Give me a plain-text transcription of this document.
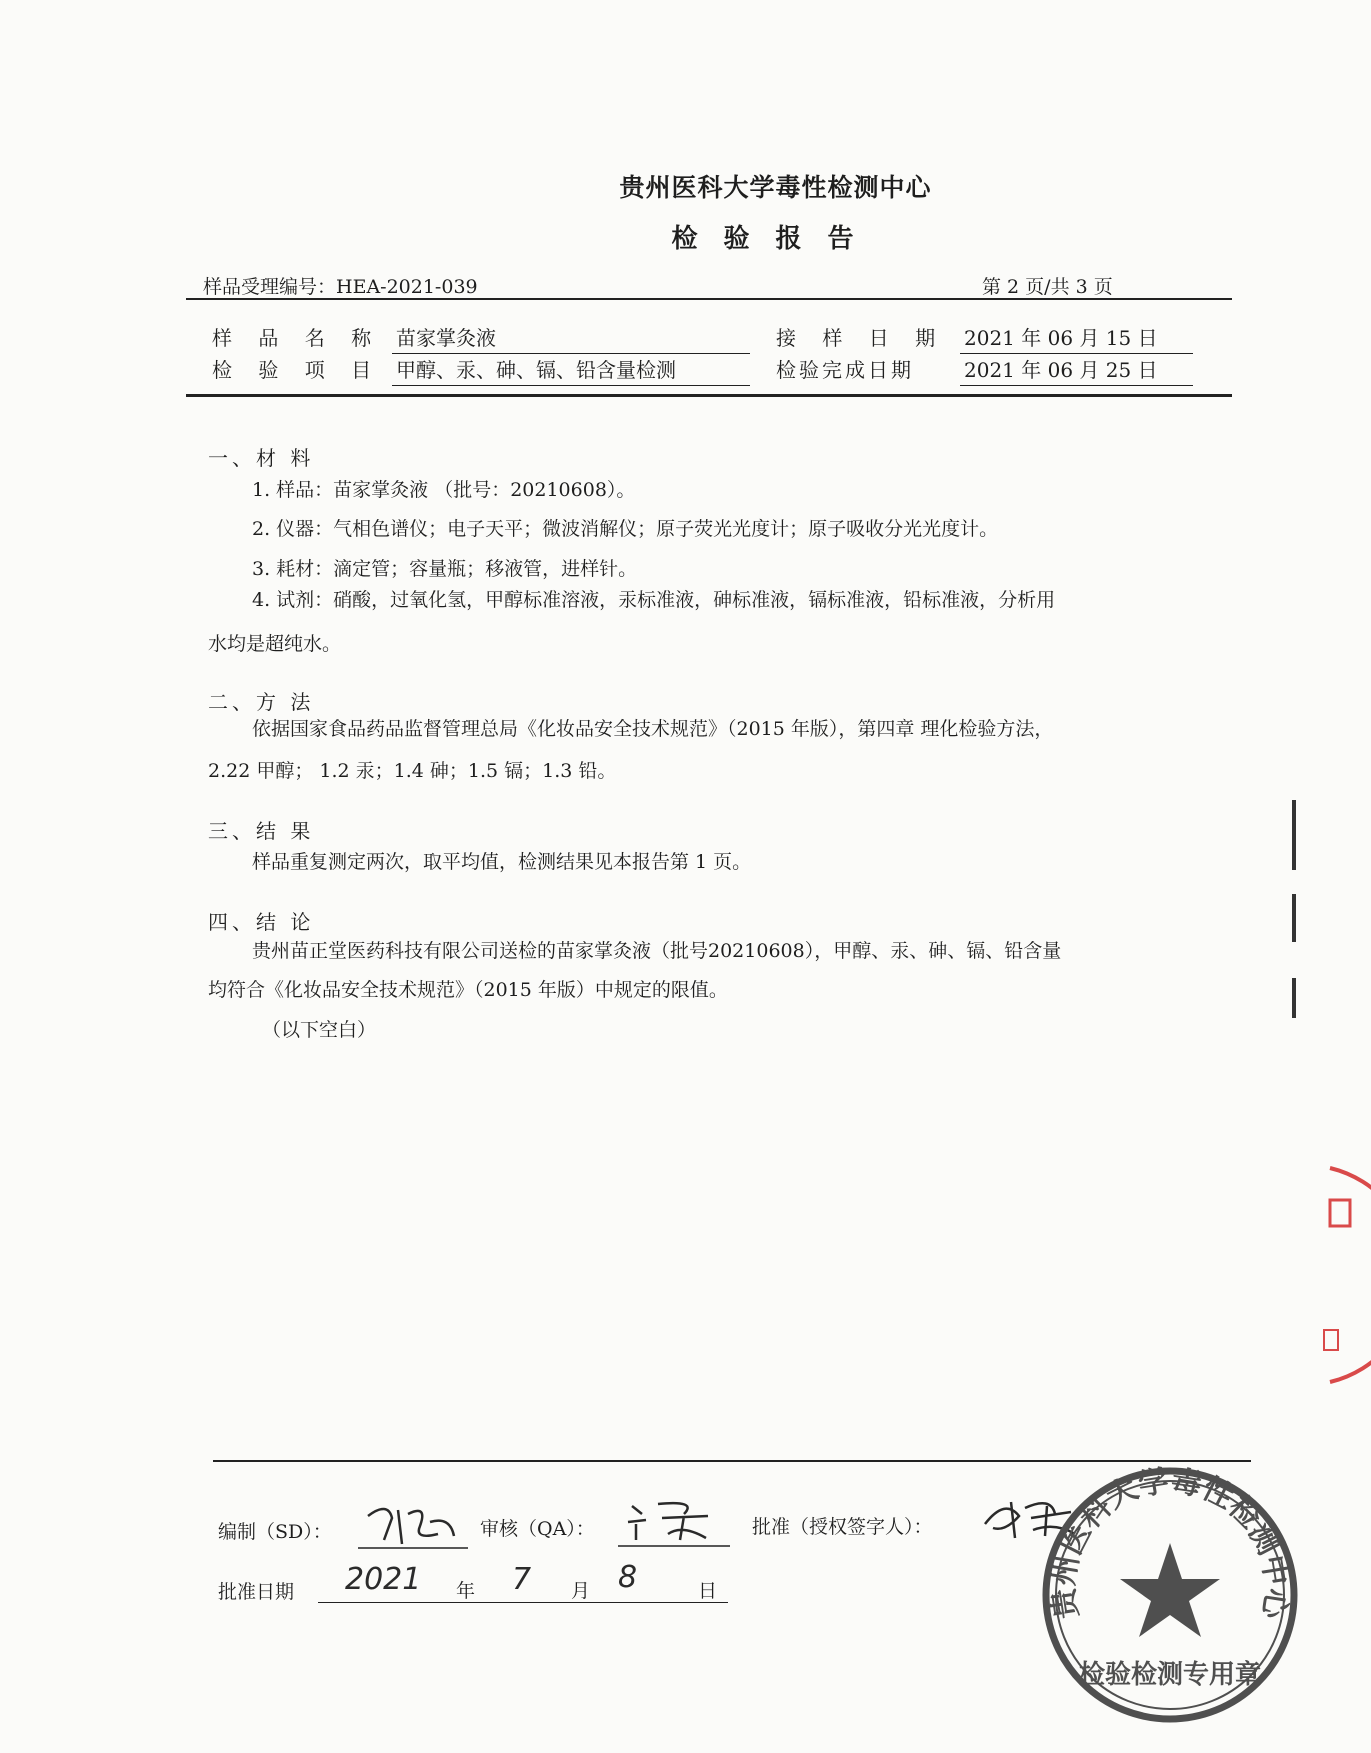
贵州医科大学毒性检测中心
检验报告
样品受理编号：HEA-2021-039	第 2 页/共 3 页
样 品 名 称 苗家掌灸液	接 样 日 期 2021 年 06 月 15 日
检 验 项 目 甲醇、汞、砷、镉、铅含量检测	检验完成日期	2021 年 06 月 25 日
一、材 料
1. 样品：苗家掌灸液 （批号：20210608）。
2. 仪器：气相色谱仪；电子天平；微波消解仪；原子荧光光度计；原子吸收分光光度计。
3. 耗材：滴定管；容量瓶；移液管，进样针。
4. 试剂：硝酸，过氧化氢，甲醇标准溶液，汞标准液，砷标准液，镉标准液，铅标准液，分析用
水均是超纯水。
二、方 法
依据国家食品药品监督管理总局《化妆品安全技术规范》（2015 年版），第四章 理化检验方法，
2.22 甲醇； 1.2 汞；1.4 砷；1.5 镉；1.3 铅。
三、结 果
样品重复测定两次，取平均值，检测结果见本报告第 1 页。
四、结 论
贵州苗正堂医药科技有限公司送检的苗家掌灸液（批号20210608），甲醇、汞、砷、镉、铅含量
均符合《化妆品安全技术规范》（2015 年版）中规定的限值。
（以下空白）
编制（SD）：	审核（QA）：	批准（授权签字人）：
批准日期 2021 年 7 月 8	日	贵州医科大学毒性检测中心
检验检测专用章
